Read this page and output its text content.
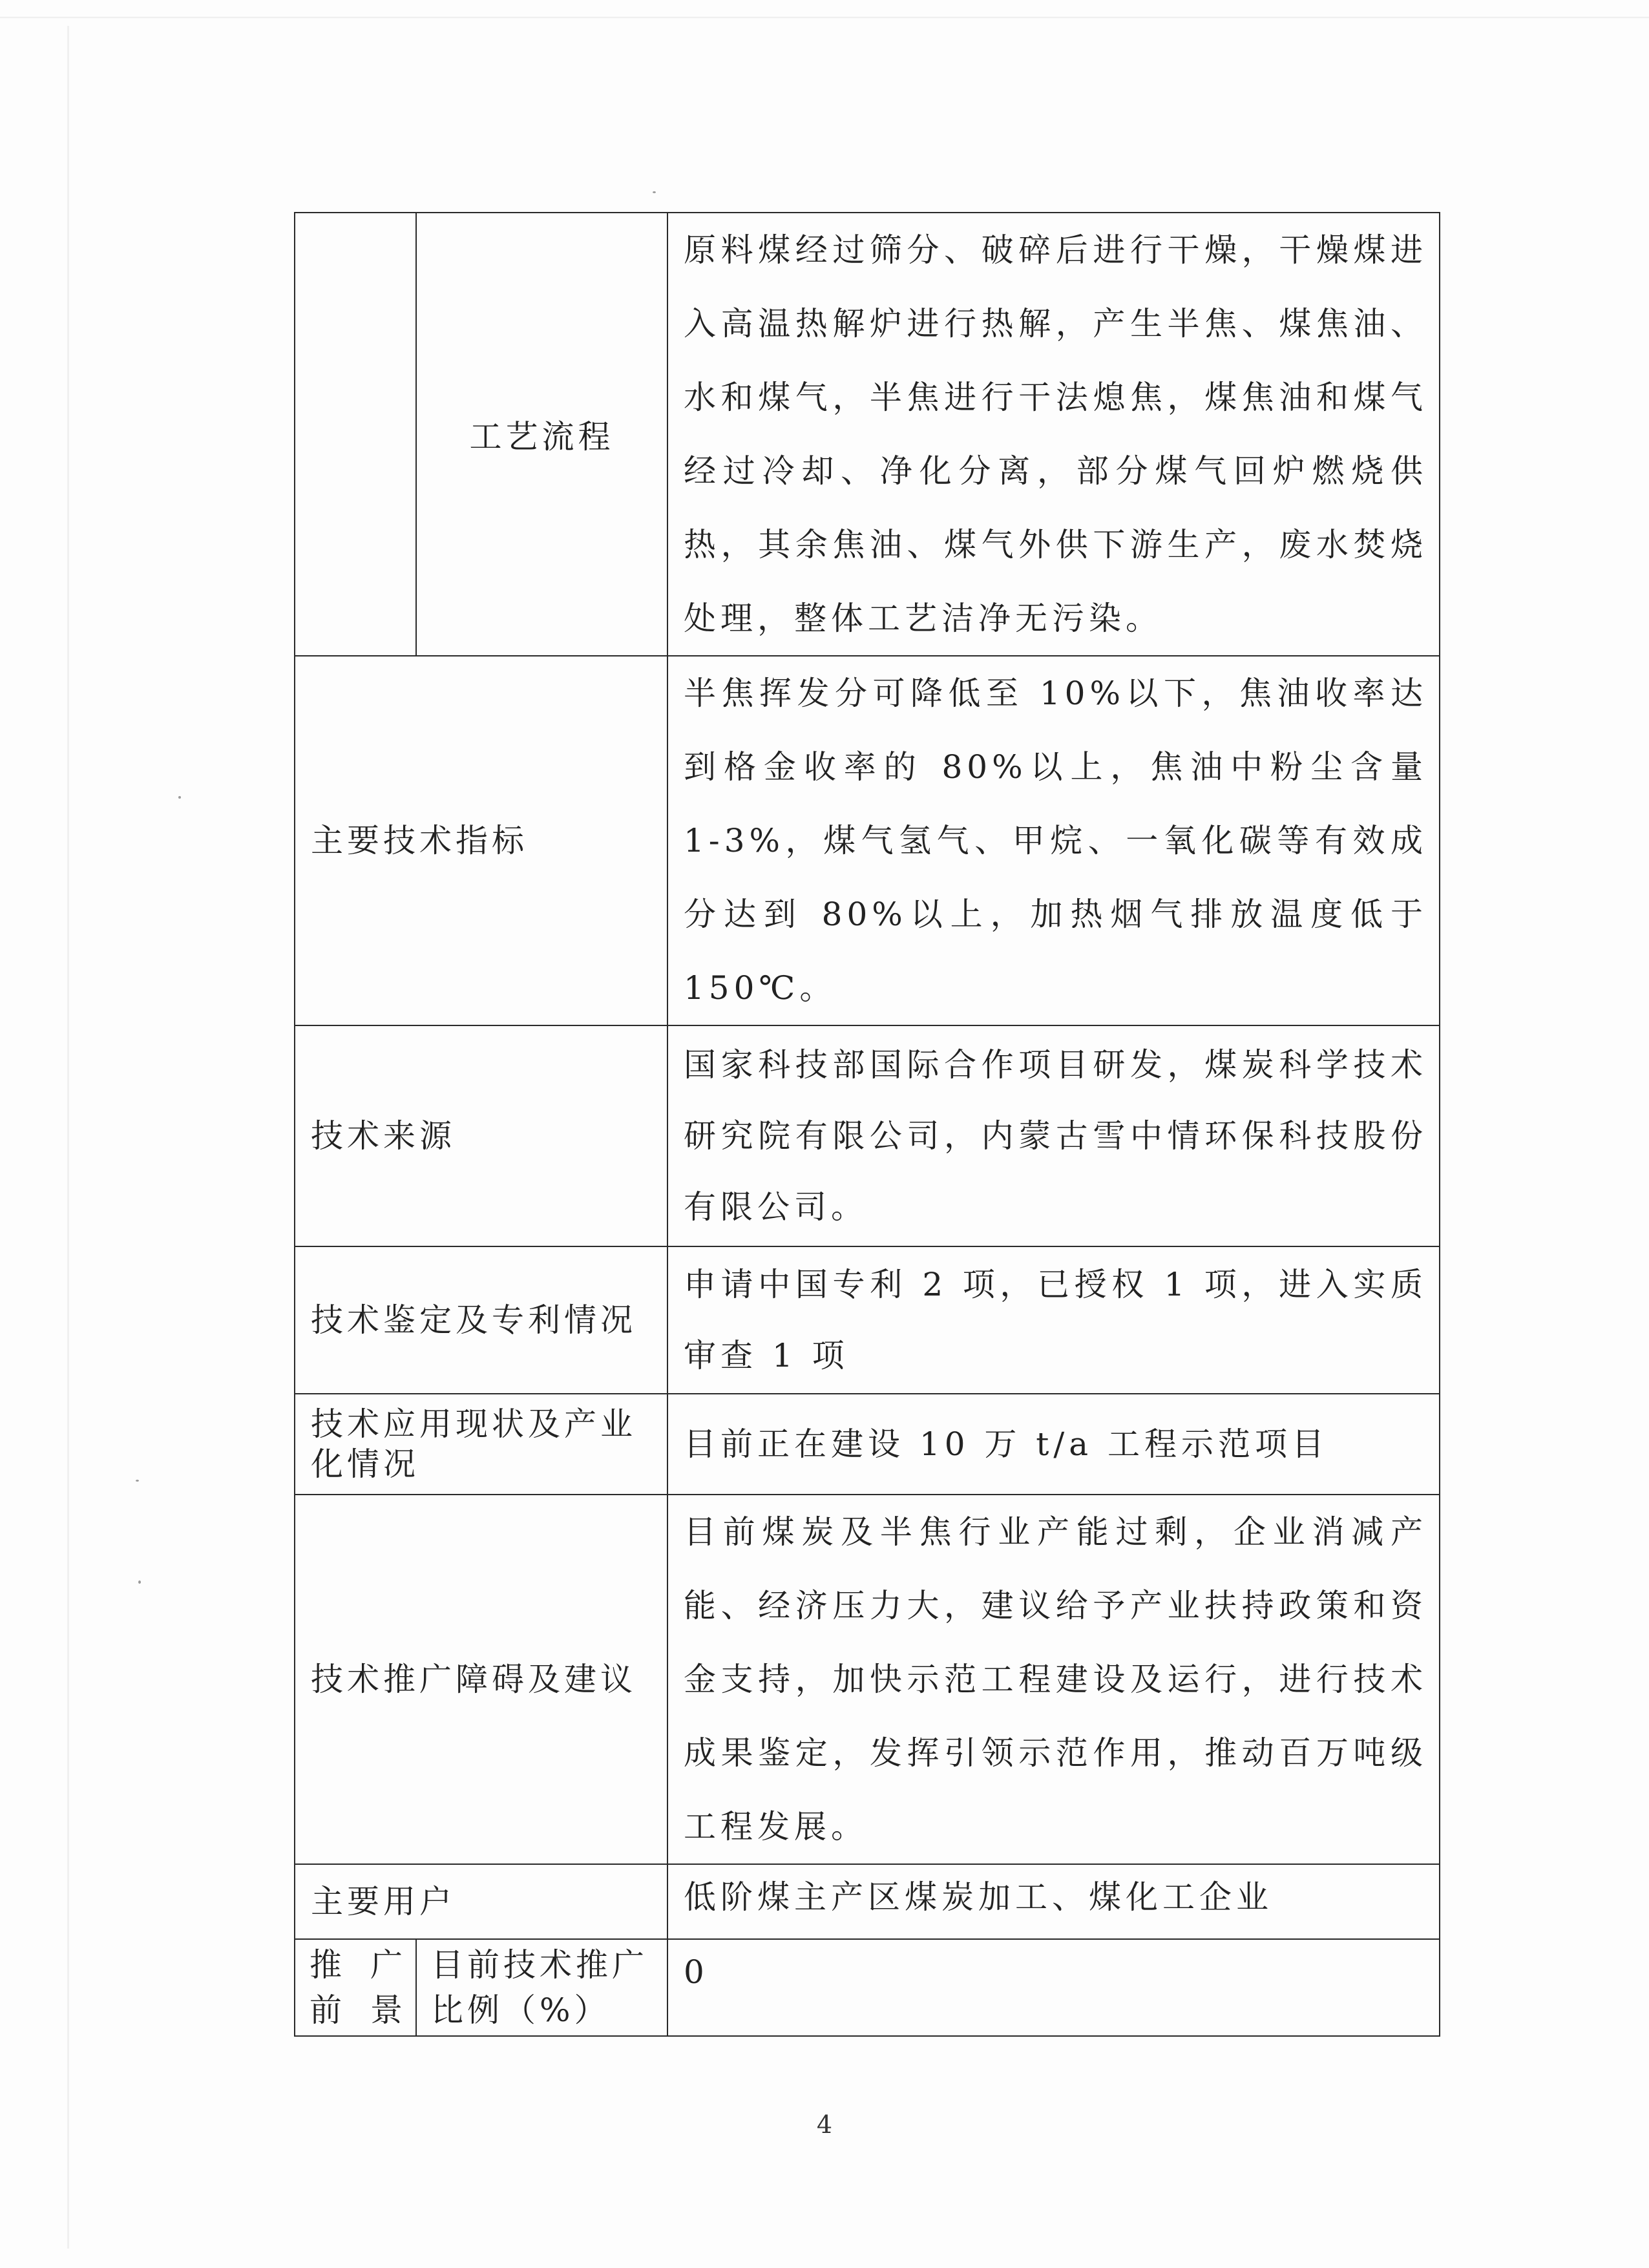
	工艺流程	原料煤经过筛分、破碎后进行干燥，干燥煤进入高温热解炉进行热解，产生半焦、煤焦油、水和煤气，半焦进行干法熄焦，煤焦油和煤气经过冷却、净化分离，部分煤气回炉燃烧供热，其余焦油、煤气外供下游生产，废水焚烧处理，整体工艺洁净无污染。
主要技术指标		半焦挥发分可降低至 10%以下，焦油收率达到格金收率的 80%以上，焦油中粉尘含量 1-3%，煤气氢气、甲烷、一氧化碳等有效成分达到 80%以上，加热烟气排放温度低于 150℃。
技术来源		国家科技部国际合作项目研发，煤炭科学技术研究院有限公司，内蒙古雪中情环保科技股份有限公司。
技术鉴定及专利情况		申请中国专利 2 项，已授权 1 项，进入实质审查 1 项
技术应用现状及产业化情况		目前正在建设 10 万 t/a 工程示范项目
技术推广障碍及建议		目前煤炭及半焦行业产能过剩，企业消减产能、经济压力大，建议给予产业扶持政策和资金支持，加快示范工程建设及运行，进行技术成果鉴定，发挥引领示范作用，推动百万吨级工程发展。
主要用户		低阶煤主产区煤炭加工、煤化工企业

推 广
前 景	目前技术推广比例（%）	0
4
